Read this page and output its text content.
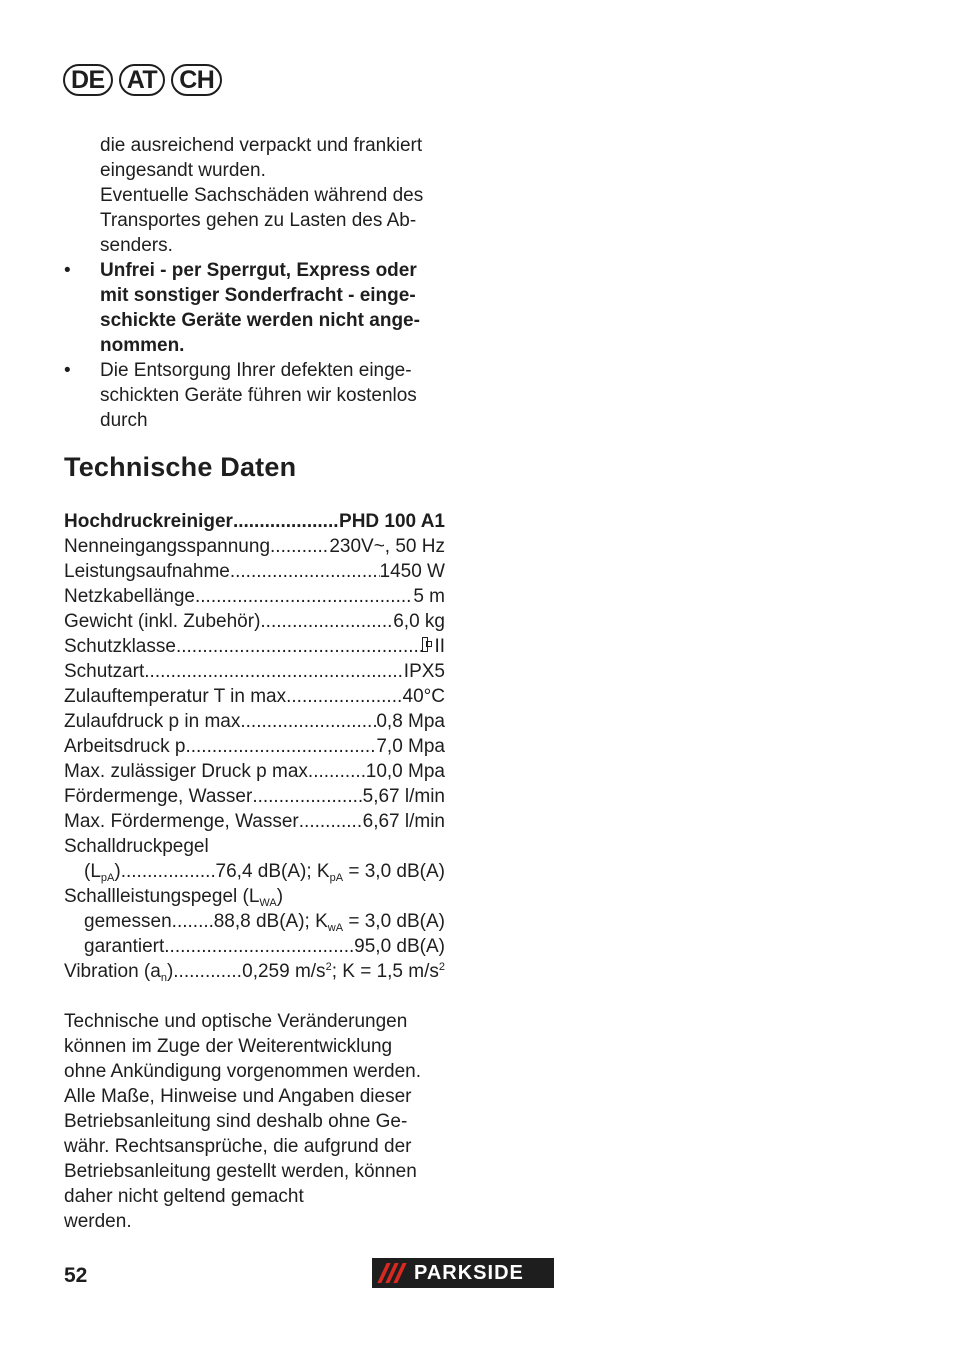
DE AT CH
die ausreichend verpackt und frankiert
eingesandt wurden.
Eventuelle Sachschäden während des
Transportes gehen zu Lasten des Ab-
senders.
•	Unfrei - per Sperrgut, Express oder
mit sonstiger Sonderfracht - einge-
schickte Geräte werden nicht ange-
nommen.
•	Die Entsorgung Ihrer defekten einge-
schickten Geräte führen wir kostenlos
durch
Technische Daten
Hochdruckreiniger .....	PHD 100 A1
Nenneingangsspannung .....	230V~, 50 Hz
Leistungsaufnahme .....	1450 W
Netzkabellänge .....	5 m
Gewicht (inkl. Zubehör) .....	6,0 kg
Schutzklasse .....	II
Schutzart .....	IPX5
Zulauftemperatur T in max. .....	40°C
Zulaufdruck p in max. .....	0,8 Mpa
Arbeitsdruck p .....	7,0 Mpa
Max. zulässiger Druck p max. .....	10,0 Mpa
Fördermenge, Wasser .....	5,67 l/min
Max. Fördermenge, Wasser .....	6,67 l/min
Schalldruckpegel
$(L_{pA})$ .....	76,4 dB(A); $K_{pA} = 3,0$ dB(A)
Schallleistungspegel $(L_{WA})$
gemessen ..... 88,8 dB(A); $K_{wA} = 3,0$ dB(A)
garantiert .....	95,0 dB(A)
Vibration $(a_n)$ .....	0,259 $m/s^2$; K = 1,5 $m/s^2$
Technische und optische Veränderungen
können im Zuge der Weiterentwicklung
ohne Ankündigung vorgenommen werden.
Alle Maße, Hinweise und Angaben dieser
Betriebsanleitung sind deshalb ohne Ge-
währ. Rechtsansprüche, die aufgrund der
Betriebsanleitung gestellt werden, können
daher nicht geltend gemacht
werden.
52	PARKSIDE
